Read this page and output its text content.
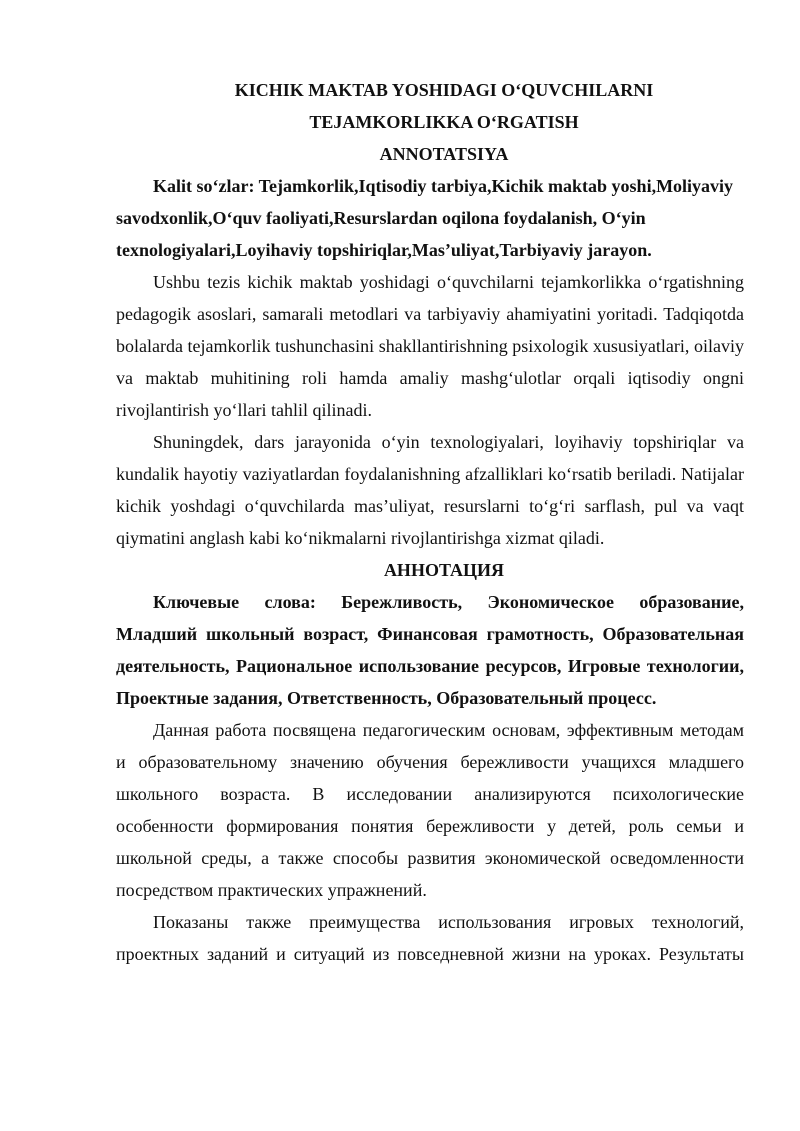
KICHIK MAKTAB YOSHIDAGI O‘QUVCHILARNI

TEJAMKORLIKKA O‘RGATISH

ANNOTATSIYA

Kalit so‘zlar: Tejamkorlik,Iqtisodiy tarbiya,Kichik maktab yoshi,Moliyaviy savodxonlik,O‘quv faoliyati,Resurslardan oqilona foydalanish, O‘yin texnologiyalari,Loyihaviy topshiriqlar,Mas’uliyat,Tarbiyaviy jarayon.

Ushbu tezis kichik maktab yoshidagi o‘quvchilarni tejamkorlikka o‘rgatishning pedagogik asoslari, samarali metodlari va tarbiyaviy ahamiyatini yoritadi. Tadqiqotda bolalarda tejamkorlik tushunchasini shakllantirishning psixologik xususiyatlari, oilaviy va maktab muhitining roli hamda amaliy mashg‘ulotlar orqali iqtisodiy ongni rivojlantirish yo‘llari tahlil qilinadi.

Shuningdek, dars jarayonida o‘yin texnologiyalari, loyihaviy topshiriqlar va kundalik hayotiy vaziyatlardan foydalanishning afzalliklari ko‘rsatib beriladi. Natijalar kichik yoshdagi o‘quvchilarda mas’uliyat, resurslarni to‘g‘ri sarflash, pul va vaqt qiymatini anglash kabi ko‘nikmalarni rivojlantirishga xizmat qiladi.

АННОТАЦИЯ

Ключевые слова: Бережливость, Экономическое образование, Младший школьный возраст, Финансовая грамотность, Образовательная деятельность, Рациональное использование ресурсов, Игровые технологии, Проектные задания, Ответственность, Образовательный процесс.

Данная работа посвящена педагогическим основам, эффективным методам и образовательному значению обучения бережливости учащихся младшего школьного возраста. В исследовании анализируются психологические особенности формирования понятия бережливости у детей, роль семьи и школьной среды, а также способы развития экономической осведомленности посредством практических упражнений.

Показаны также преимущества использования игровых технологий, проектных заданий и ситуаций из повседневной жизни на уроках. Результаты
